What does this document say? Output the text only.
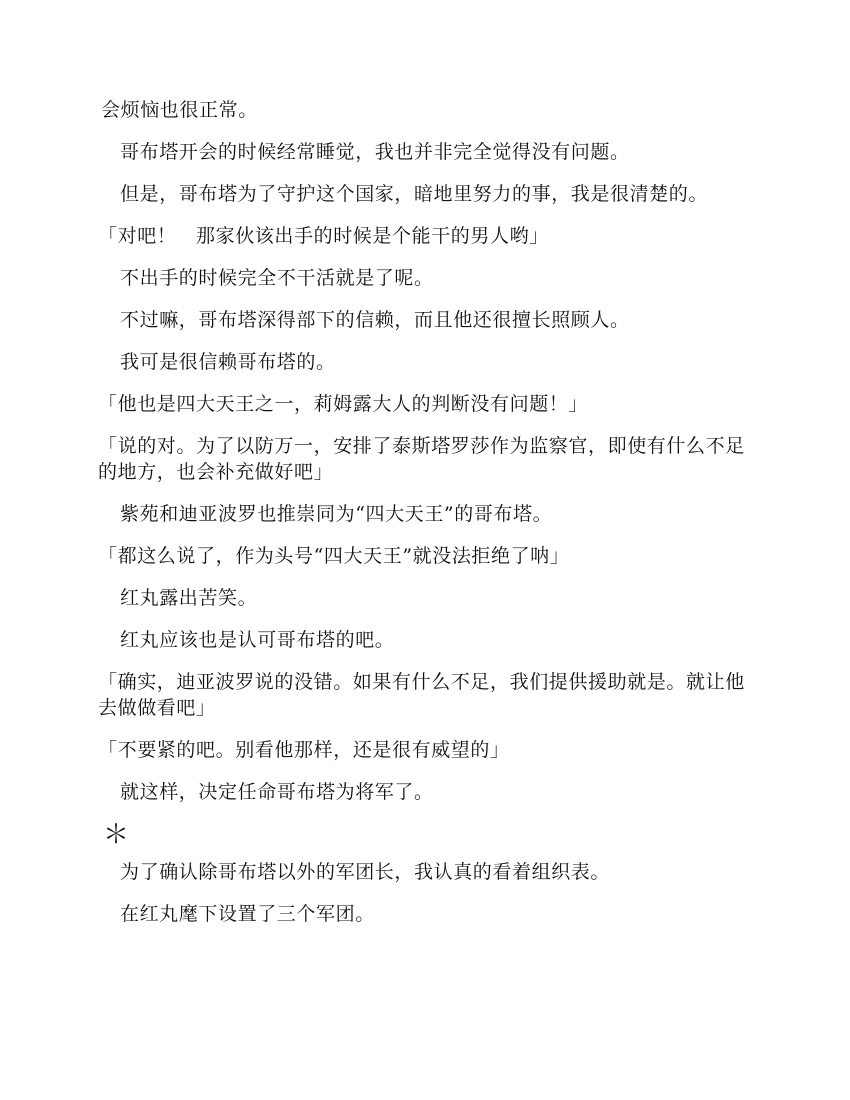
会烦恼也很正常。

哥布塔开会的时候经常睡觉，我也并非完全觉得没有问题。

但是，哥布塔为了守护这个国家，暗地里努力的事，我是很清楚的。

「对吧！　那家伙该出手的时候是个能干的男人哟」

不出手的时候完全不干活就是了呢。

不过嘛，哥布塔深得部下的信赖，而且他还很擅长照顾人。

我可是很信赖哥布塔的。

「他也是四大天王之一，莉姆露大人的判断没有问题！」

「说的对。为了以防万一，安排了泰斯塔罗莎作为监察官，即使有什么不足的地方，也会补充做好吧」

紫苑和迪亚波罗也推崇同为“四大天王”的哥布塔。

「都这么说了，作为头号“四大天王”就没法拒绝了呐」

红丸露出苦笑。

红丸应该也是认可哥布塔的吧。

「确实，迪亚波罗说的没错。如果有什么不足，我们提供援助就是。就让他去做做看吧」

「不要紧的吧。别看他那样，还是很有威望的」

就这样，决定任命哥布塔为将军了。

＊

为了确认除哥布塔以外的军团长，我认真的看着组织表。

在红丸麾下设置了三个军团。
